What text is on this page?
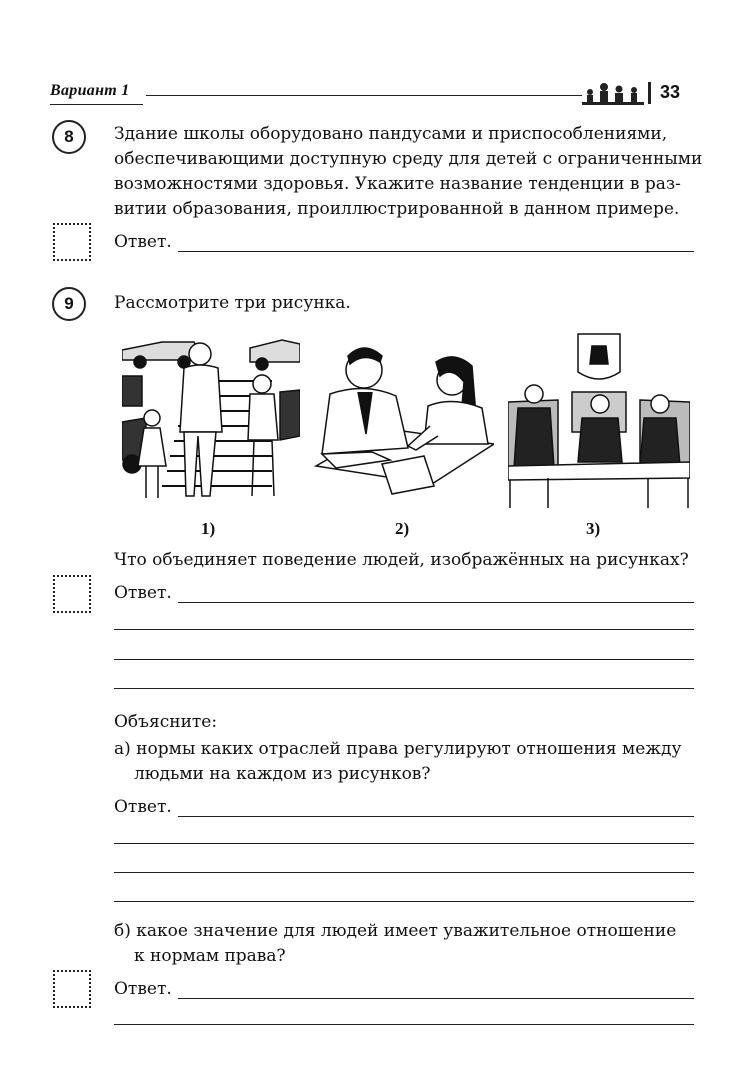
Вариант 1	33
8	Здание школы оборудовано пандусами и приспособлениями,
обеспечивающими доступную среду для детей с ограниченными
возможностями здоровья. Укажите название тенденции в раз-
витии образования, проиллюстрированной в данном примере.
Ответ.
9	Рассмотрите три рисунка.
1)	2)	3)
Что объединяет поведение людей, изображённых на рисунках?
Ответ.
Объясните:
а) нормы каких отраслей права регулируют отношения между
людьми на каждом из рисунков?
Ответ.
б) какое значение для людей имеет уважительное отношение
к нормам права?
Ответ.
